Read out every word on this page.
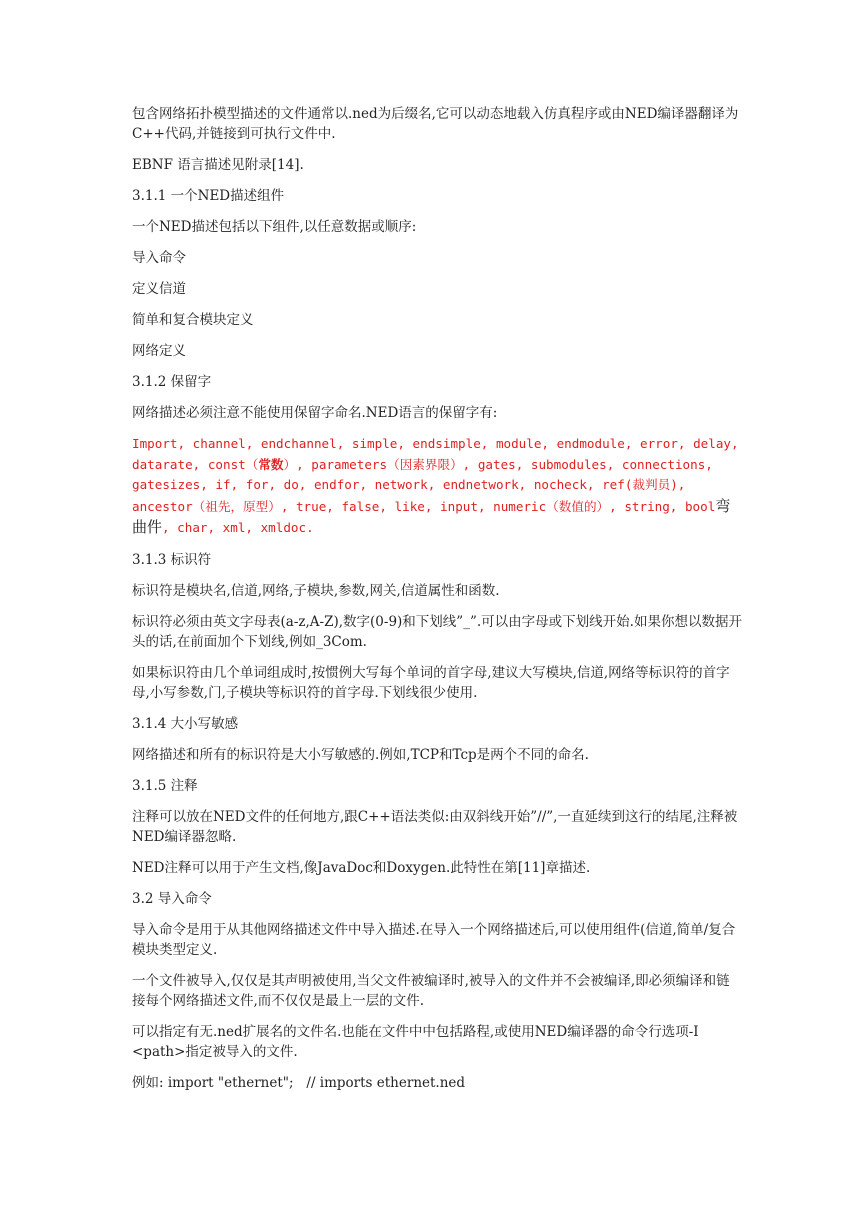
包含网络拓扑模型描述的文件通常以.ned为后缀名,它可以动态地载入仿真程序或由NED编译器翻译为C++代码,并链接到可执行文件中.

EBNF 语言描述见附录[14].

3.1.1 一个NED描述组件

一个NED描述包括以下组件,以任意数据或顺序:

导入命令

定义信道

简单和复合模块定义

网络定义

3.1.2 保留字

网络描述必须注意不能使用保留字命名.NED语言的保留字有:

Import, channel, endchannel, simple, endsimple, module, endmodule, error, delay, datarate, const（常数）, parameters（因素界限）, gates, submodules, connections, gatesizes, if, for, do, endfor, network, endnetwork, nocheck, ref(裁判员), ancestor（祖先，原型）, true, false, like, input, numeric（数值的）, string, bool弯曲件, char, xml, xmldoc.

3.1.3 标识符

标识符是模块名,信道,网络,子模块,参数,网关,信道属性和函数.

标识符必须由英文字母表(a-z,A-Z),数字(0-9)和下划线”_”.可以由字母或下划线开始.如果你想以数据开头的话,在前面加个下划线,例如_3Com.

如果标识符由几个单词组成时,按惯例大写每个单词的首字母,建议大写模块,信道,网络等标识符的首字母,小写参数,门,子模块等标识符的首字母.下划线很少使用.

3.1.4 大小写敏感

网络描述和所有的标识符是大小写敏感的.例如,TCP和Tcp是两个不同的命名.

3.1.5 注释

注释可以放在NED文件的任何地方,跟C++语法类似:由双斜线开始”//”,一直延续到这行的结尾,注释被NED编译器忽略.

NED注释可以用于产生文档,像JavaDoc和Doxygen.此特性在第[11]章描述.

3.2 导入命令

导入命令是用于从其他网络描述文件中导入描述.在导入一个网络描述后,可以使用组件(信道,简单/复合模块类型定义.

一个文件被导入,仅仅是其声明被使用,当父文件被编译时,被导入的文件并不会被编译,即必须编译和链接每个网络描述文件,而不仅仅是最上一层的文件.

可以指定有无.ned扩展名的文件名.也能在文件中中包括路程,或使用NED编译器的命令行选项-I <path>指定被导入的文件.

例如: import "ethernet";   // imports ethernet.ned
